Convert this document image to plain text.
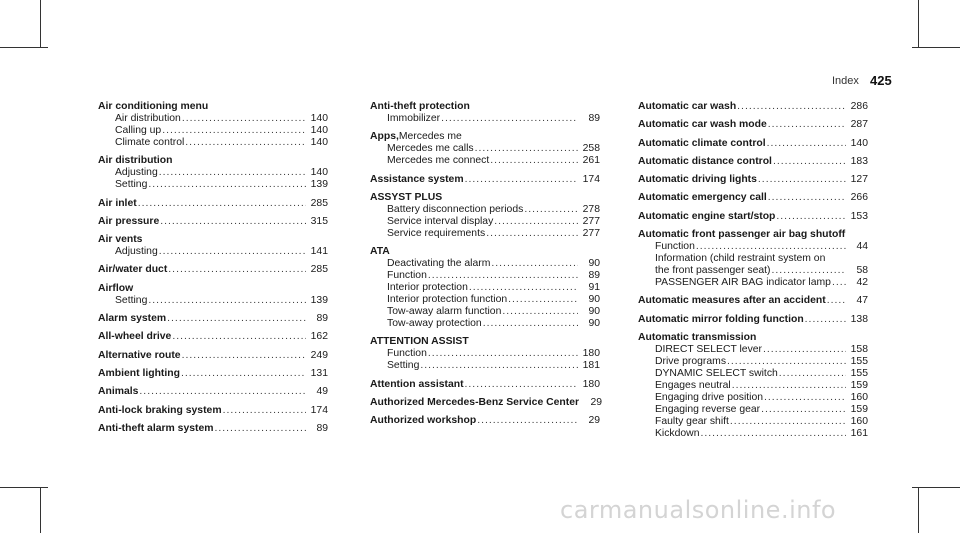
Index 425
Air conditioning menu
Air distribution .....	140
Calling up .....	140
Climate control .....	140
Air distribution
Adjusting .....	140
Setting .....	139
Air inlet .....	285
Air pressure .....	315
Air vents
Adjusting .....	141
Air/water duct .....	285
Airflow
Setting .....	139
Alarm system .....	89
All-wheel drive .....	162
Alternative route .....	249
Ambient lighting .....	131
Animals .....	49
Anti-lock braking system .....	174
Anti-theft alarm system .....	89
Anti-theft protection
Immobilizer .....	89
Apps, Mercedes me
Mercedes me calls .....	258
Mercedes me connect .....	261
Assistance system .....	174
ASSYST PLUS
Battery disconnection periods .....	278
Service interval display .....	277
Service requirements .....	277
ATA
Deactivating the alarm .....	90
Function .....	89
Interior protection .....	91
Interior protection function .....	90
Tow-away alarm function .....	90
Tow-away protection .....	90
ATTENTION ASSIST
Function .....	180
Setting .....	181
Attention assistant .....	180
Authorized Mercedes-Benz Service Center	29
Authorized workshop .....	29
Automatic car wash .....	286
Automatic car wash mode .....	287
Automatic climate control .....	140
Automatic distance control .....	183
Automatic driving lights .....	127
Automatic emergency call .....	266
Automatic engine start/stop .....	153
Automatic front passenger air bag shutoff
Function .....	44
Information (child restraint system on
the front passenger seat) .....	58
PASSENGER AIR BAG indicator lamp .....	42
Automatic measures after an accident .....	47
Automatic mirror folding function .....	138
Automatic transmission
DIRECT SELECT lever .....	158
Drive programs .....	155
DYNAMIC SELECT switch .....	155
Engages neutral .....	159
Engaging drive position .....	160
Engaging reverse gear .....	159
Faulty gear shift .....	160
Kickdown .....	161
carmanualsonline.info
